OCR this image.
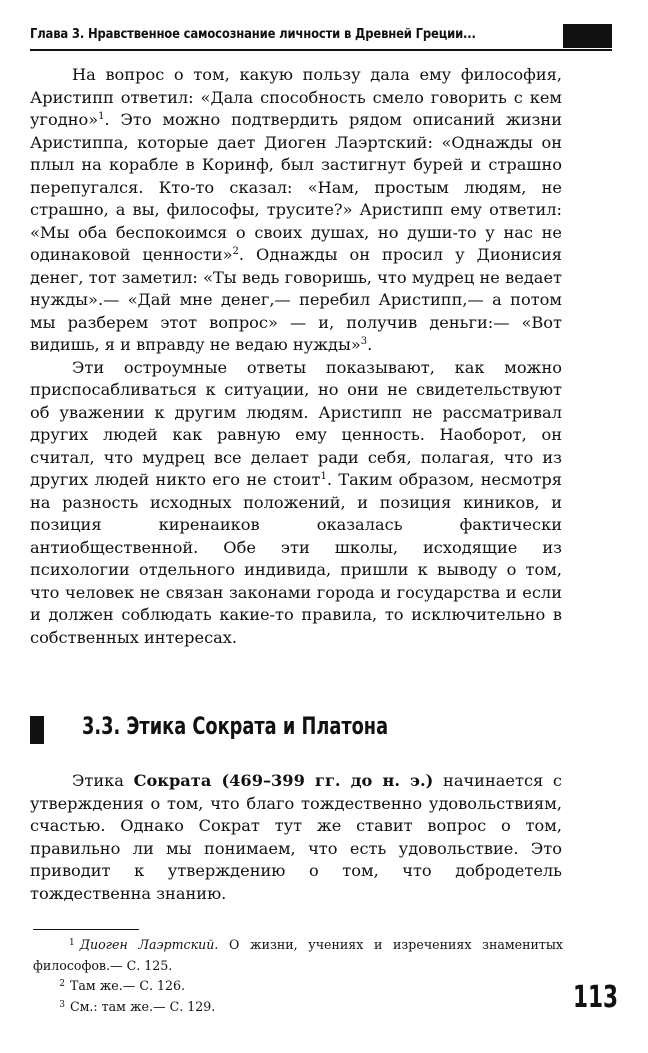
Глава 3. Нравственное самосознание личности в Древней Греции...

На вопрос о том, какую пользу дала ему философия, Аристипп ответил: «Дала способность смело говорить с кем угодно»$^1$. Это можно подтвердить рядом описаний жизни Аристиппа, которые дает Диоген Лаэртский: «Однажды он плыл на корабле в Коринф, был застигнут бурей и страшно перепугался. Кто-то сказал: «Нам, простым людям, не страшно, а вы, философы, трусите?» Аристипп ему ответил: «Мы оба беспокоимся о своих душах, но души-то у нас не одинаковой ценности»$^2$. Однажды он просил у Дионисия денег, тот заметил: «Ты ведь говоришь, что мудрец не ведает нужды».— «Дай мне денег,— перебил Аристипп,— а потом мы разберем этот вопрос» — и, получив деньги:— «Вот видишь, я и вправду не ведаю нужды»$^3$.

Эти остроумные ответы показывают, как можно приспосабливаться к ситуации, но они не свидетельствуют об уважении к другим людям. Аристипп не рассматривал других людей как равную ему ценность. Наоборот, он считал, что мудрец все делает ради себя, полагая, что из других людей никто его не стоит$^1$. Таким образом, несмотря на разность исходных положений, и позиция киников, и позиция киренаиков оказалась фактически антиобщественной. Обе эти школы, исходящие из психологии отдельного индивида, пришли к выводу о том, что человек не связан законами города и государства и если и должен соблюдать какие-то правила, то исключительно в собственных интересах.

3.3. Этика Сократа и Платона

Этика Сократа (469–399 гг. до н. э.) начинается с утверждения о том, что благо тождественно удовольствиям, счастью. Однако Сократ тут же ставит вопрос о том, правильно ли мы понимаем, что есть удовольствие. Это приводит к утверждению о том, что добродетель тождественна знанию.

1 Диоген Лаэртский. О жизни, учениях и изречениях знаменитых философов.— С. 125.

2 Там же.— С. 126.

3 См.: там же.— С. 129.	113
